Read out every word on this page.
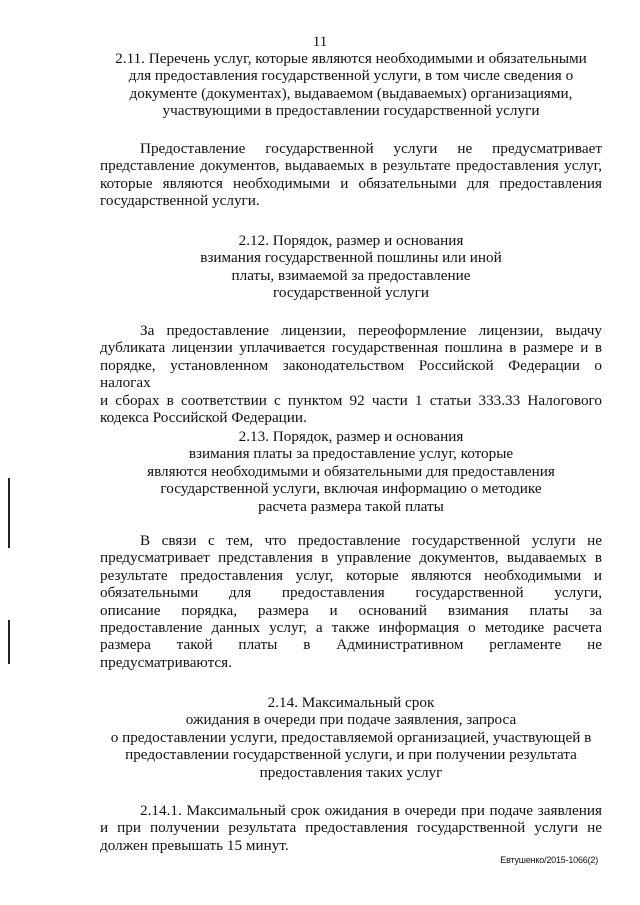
11
2.11. Перечень услуг, которые являются необходимыми и обязательными
для предоставления государственной услуги, в том числе сведения о
документе (документах), выдаваемом (выдаваемых) организациями,
участвующими в предоставлении государственной услуги
Предоставление государственной услуги не предусматривает
представление документов, выдаваемых в результате предоставления услуг,
которые являются необходимыми и обязательными для предоставления
государственной услуги.
2.12. Порядок, размер и основания
взимания государственной пошлины или иной
платы, взимаемой за предоставление
государственной услуги
За предоставление лицензии, переоформление лицензии, выдачу
дубликата лицензии уплачивается государственная пошлина в размере и в
порядке, установленном законодательством Российской Федерации о налогах
и сборах в соответствии с пунктом 92 части 1 статьи 333.33 Налогового
кодекса Российской Федерации.
2.13. Порядок, размер и основания
взимания платы за предоставление услуг, которые
являются необходимыми и обязательными для предоставления
государственной услуги, включая информацию о методике
расчета размера такой платы
В связи с тем, что предоставление государственной услуги не
предусматривает представления в управление документов, выдаваемых в
результате предоставления услуг, которые являются необходимыми и
обязательными для предоставления государственной услуги,
описание порядка, размера и оснований взимания платы за
предоставление данных услуг, а также информация о методике расчета
размера такой платы в Административном регламенте не
предусматриваются.
2.14. Максимальный срок
ожидания в очереди при подаче заявления, запроса
о предоставлении услуги, предоставляемой организацией, участвующей в
предоставлении государственной услуги, и при получении результата
предоставления таких услуг
2.14.1. Максимальный срок ожидания в очереди при подаче заявления
и при получении результата предоставления государственной услуги не
должен превышать 15 минут.
Евтушенко/2015-1066(2)
